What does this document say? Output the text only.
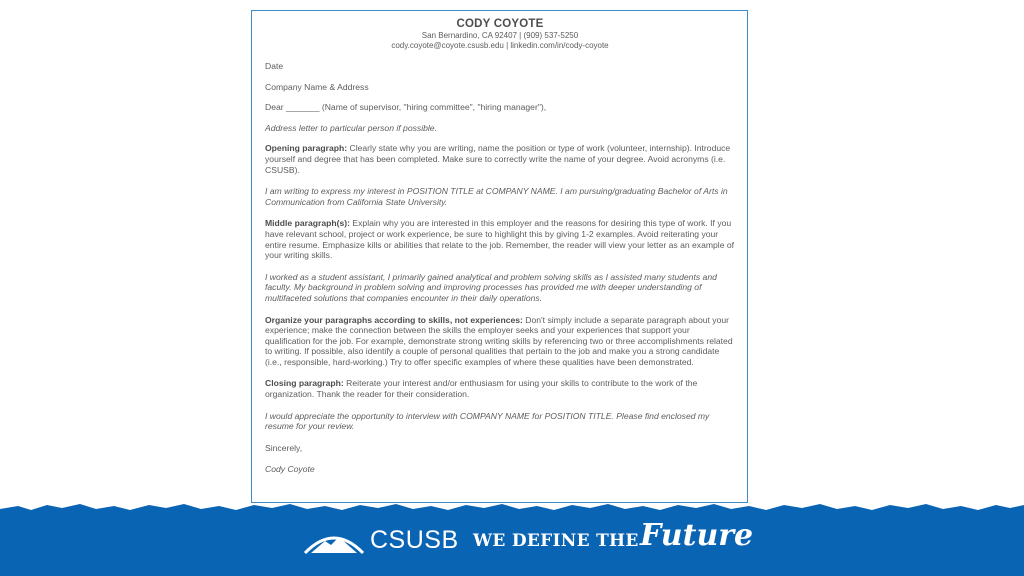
CODY COYOTE
San Bernardino, CA 92407 | (909) 537-5250
cody.coyote@coyote.csusb.edu | linkedin.com/in/cody-coyote

Date

Company Name & Address

Dear _______ (Name of supervisor, "hiring committee", "hiring manager"),

Address letter to particular person if possible.

Opening paragraph: Clearly state why you are writing, name the position or type of work (volunteer, internship). Introduce yourself and degree that has been completed. Make sure to correctly write the name of your degree. Avoid acronyms (i.e. CSUSB).

I am writing to express my interest in POSITION TITLE at COMPANY NAME. I am pursuing/graduating Bachelor of Arts in Communication from California State University.

Middle paragraph(s): Explain why you are interested in this employer and the reasons for desiring this type of work. If you have relevant school, project or work experience, be sure to highlight this by giving 1-2 examples. Avoid reiterating your entire resume. Emphasize kills or abilities that relate to the job. Remember, the reader will view your letter as an example of your writing skills.

I worked as a student assistant, I primarily gained analytical and problem solving skills as I assisted many students and faculty. My background in problem solving and improving processes has provided me with deeper understanding of multifaceted solutions that companies encounter in their daily operations.

Organize your paragraphs according to skills, not experiences: Don't simply include a separate paragraph about your experience; make the connection between the skills the employer seeks and your experiences that support your qualification for the job. For example, demonstrate strong writing skills by referencing two or three accomplishments related to writing. If possible, also identify a couple of personal qualities that pertain to the job and make you a strong candidate (i.e., responsible, hard-working.) Try to offer specific examples of where these qualities have been demonstrated.

Closing paragraph: Reiterate your interest and/or enthusiasm for using your skills to contribute to the work of the organization. Thank the reader for their consideration.

I would appreciate the opportunity to interview with COMPANY NAME for POSITION TITLE. Please find enclosed my resume for your review.

Sincerely,

Cody Coyote

CSUSB WE DEFINE THE Future
